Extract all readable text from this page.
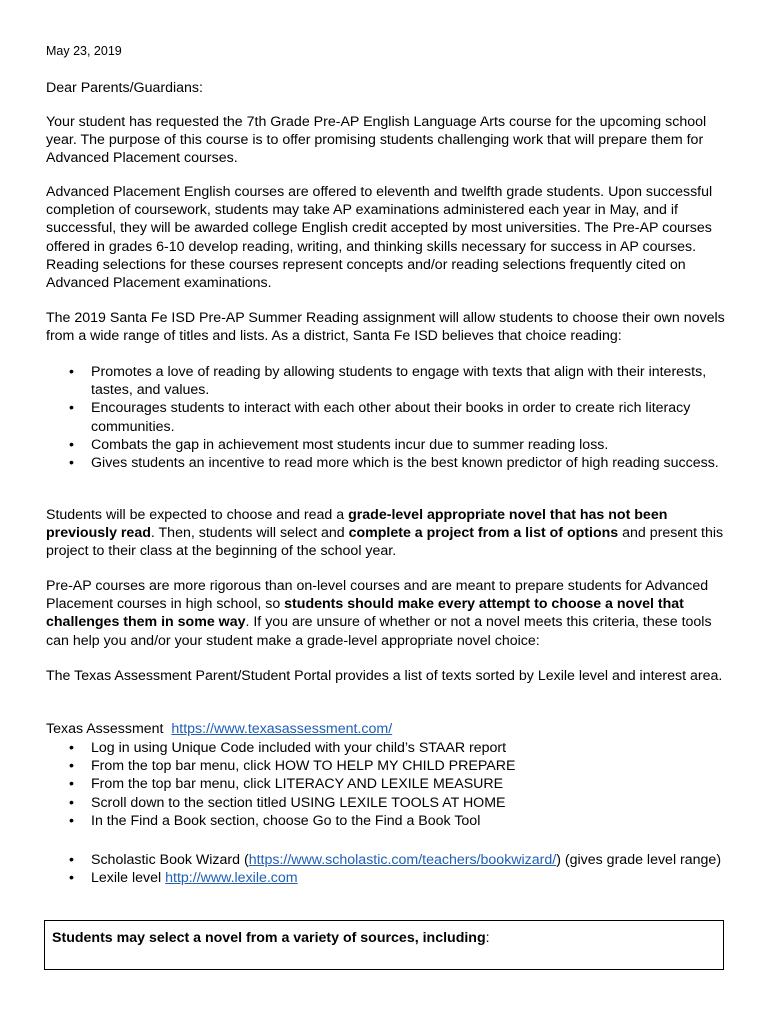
May 23, 2019

Dear Parents/Guardians:

Your student has requested the 7th Grade Pre-AP English Language Arts course for the upcoming school year. The purpose of this course is to offer promising students challenging work that will prepare them for Advanced Placement courses.

Advanced Placement English courses are offered to eleventh and twelfth grade students. Upon successful completion of coursework, students may take AP examinations administered each year in May, and if successful, they will be awarded college English credit accepted by most universities. The Pre-AP courses offered in grades 6-10 develop reading, writing, and thinking skills necessary for success in AP courses. Reading selections for these courses represent concepts and/or reading selections frequently cited on Advanced Placement examinations.

The 2019 Santa Fe ISD Pre-AP Summer Reading assignment will allow students to choose their own novels from a wide range of titles and lists. As a district, Santa Fe ISD believes that choice reading:

• Promotes a love of reading by allowing students to engage with texts that align with their interests, tastes, and values.
• Encourages students to interact with each other about their books in order to create rich literacy communities.
• Combats the gap in achievement most students incur due to summer reading loss.
• Gives students an incentive to read more which is the best known predictor of high reading success.

Students will be expected to choose and read a grade-level appropriate novel that has not been previously read. Then, students will select and complete a project from a list of options and present this project to their class at the beginning of the school year.

Pre-AP courses are more rigorous than on-level courses and are meant to prepare students for Advanced Placement courses in high school, so students should make every attempt to choose a novel that challenges them in some way. If you are unsure of whether or not a novel meets this criteria, these tools can help you and/or your student make a grade-level appropriate novel choice:

The Texas Assessment Parent/Student Portal provides a list of texts sorted by Lexile level and interest area.

Texas Assessment https://www.texasassessment.com/

• Log in using Unique Code included with your child’s STAAR report
• From the top bar menu, click HOW TO HELP MY CHILD PREPARE
• From the top bar menu, click LITERACY AND LEXILE MEASURE
• Scroll down to the section titled USING LEXILE TOOLS AT HOME
• In the Find a Book section, choose Go to the Find a Book Tool
• Scholastic Book Wizard (https://www.scholastic.com/teachers/bookwizard/) (gives grade level range)
• Lexile level http://www.lexile.com
Students may select a novel from a variety of sources, including:
